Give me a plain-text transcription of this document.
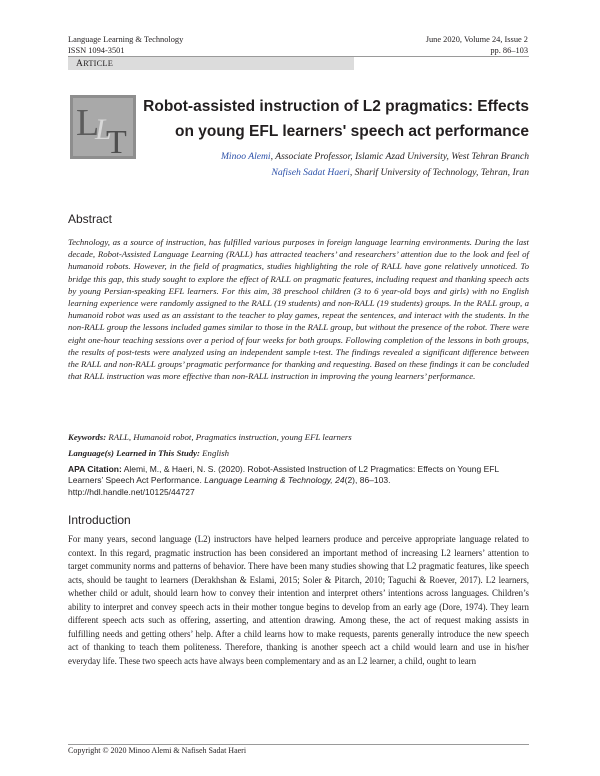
Language Learning & Technology
ISSN 1094-3501
June 2020, Volume 24, Issue 2
pp. 86–103
ARTICLE
L
L
T
Robot-assisted instruction of L2 pragmatics: Effects
on young EFL learners' speech act performance
Minoo Alemi, Associate Professor, Islamic Azad University, West Tehran Branch
Nafiseh Sadat Haeri, Sharif University of Technology, Tehran, Iran
Abstract
Technology, as a source of instruction, has fulfilled various purposes in foreign language learning environments. During the last decade, Robot-Assisted Language Learning (RALL) has attracted teachers’ and researchers’ attention due to the look and feel of humanoid robots. However, in the field of pragmatics, studies highlighting the role of RALL have gone relatively unnoticed. To bridge this gap, this study sought to explore the effect of RALL on pragmatic features, including request and thanking speech acts by young Persian-speaking EFL learners. For this aim, 38 preschool children (3 to 6 year-old boys and girls) with no English learning experience were randomly assigned to the RALL (19 students) and non-RALL (19 students) groups. In the RALL group, a humanoid robot was used as an assistant to the teacher to play games, repeat the sentences, and interact with the students. In the non-RALL group the lessons included games similar to those in the RALL group, but without the presence of the robot. There were eight one-hour teaching sessions over a period of four weeks for both groups. Following completion of the lessons in both groups, the results of post-tests were analyzed using an independent sample t-test. The findings revealed a significant difference between the RALL and non-RALL groups’ pragmatic performance for thanking and requesting. Based on these findings it can be concluded that RALL instruction was more effective than non-RALL instruction in improving the young learners’ performance.
Keywords: RALL, Humanoid robot, Pragmatics instruction, young EFL learners
Language(s) Learned in This Study: English
APA Citation: Alemi, M., & Haeri, N. S. (2020). Robot-Assisted Instruction of L2 Pragmatics: Effects on Young EFL Learners’ Speech Act Performance. Language Learning & Technology, 24(2), 86–103.
http://hdl.handle.net/10125/44727
Introduction
For many years, second language (L2) instructors have helped learners produce and perceive appropriate language related to context. In this regard, pragmatic instruction has been considered an important method of increasing L2 learners’ attention to target community norms and patterns of behavior. There have been many studies showing that L2 pragmatic features, like speech acts, should be taught to learners (Derakhshan & Eslami, 2015; Soler & Pitarch, 2010; Taguchi & Roever, 2017). L2 learners, whether child or adult, should learn how to convey their intention and interpret others’ intentions across languages. Children’s ability to interpret and convey speech acts in their mother tongue begins to develop from an early age (Dore, 1974). They learn different speech acts such as offering, asserting, and attention drawing. Among these, the act of request making assists in fulfilling needs and getting others’ help. After a child learns how to make requests, parents generally introduce the new speech act of thanking to teach them politeness. Therefore, thanking is another speech act a child would learn and use in his/her everyday life. These two speech acts have always been complementary and as an L2 learner, a child, ought to learn
Copyright © 2020 Minoo Alemi & Nafiseh Sadat Haeri
